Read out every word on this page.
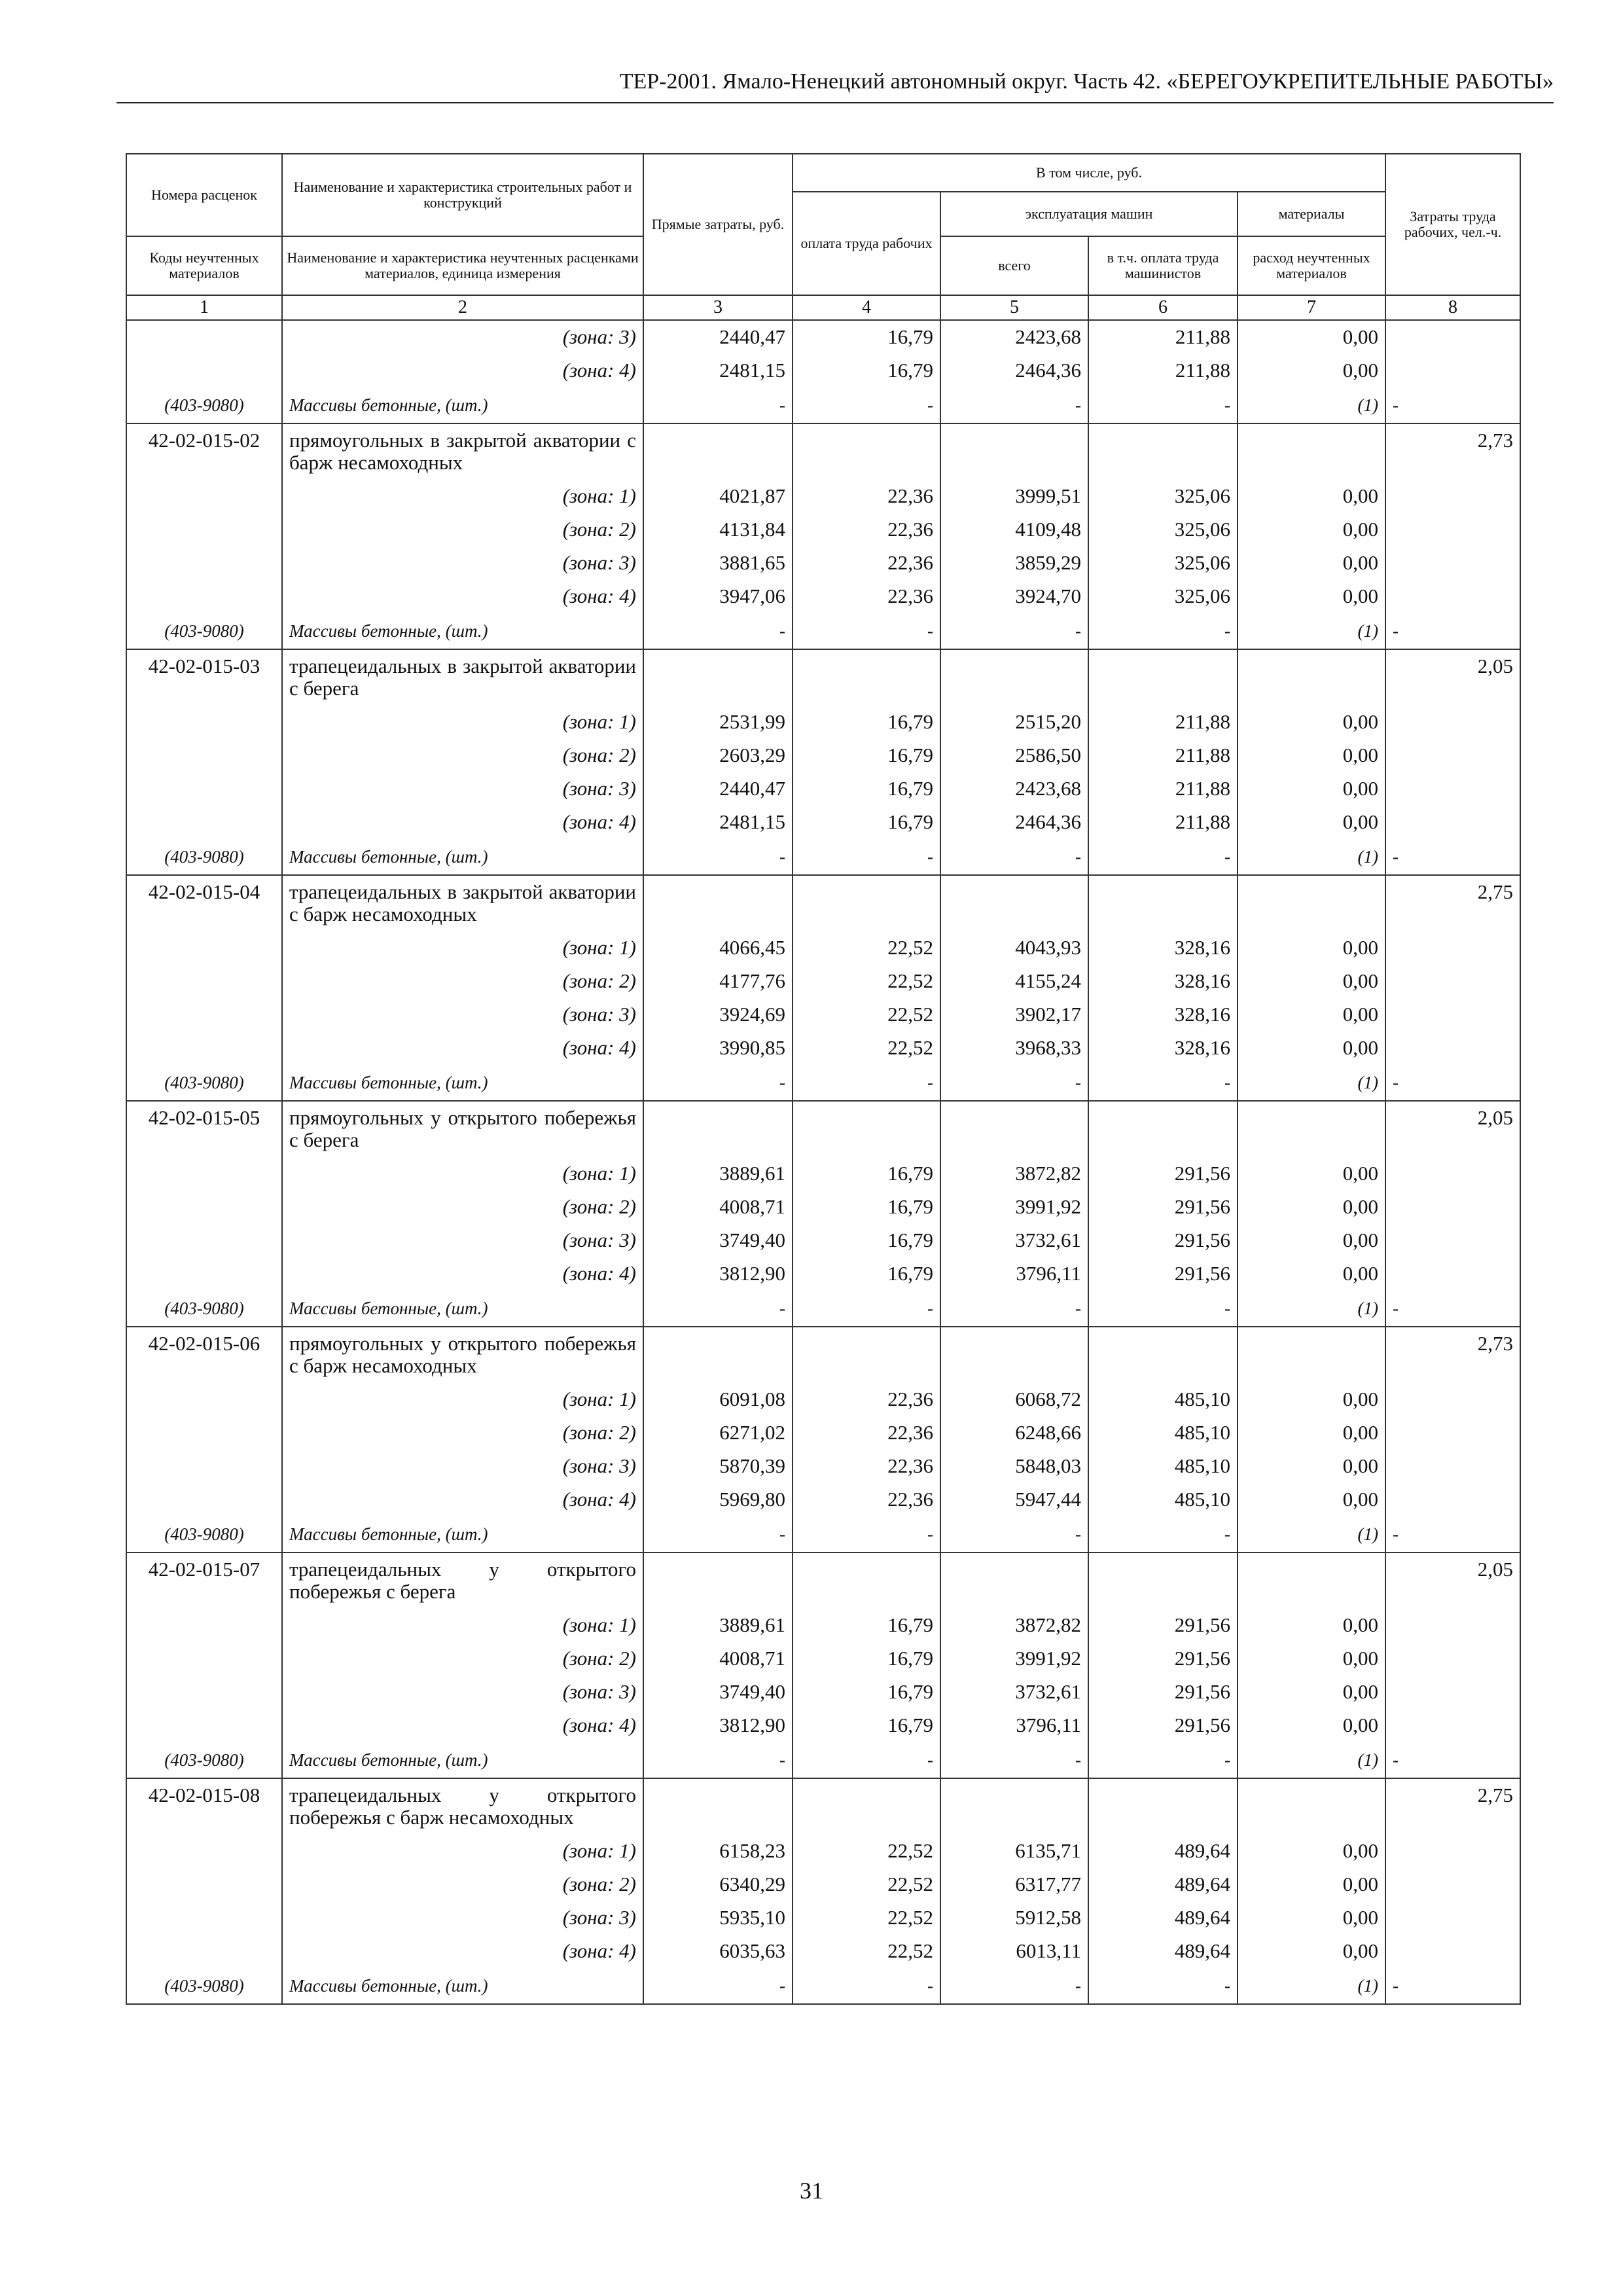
ТЕР-2001. Ямало-Ненецкий автономный округ. Часть 42. «БЕРЕГОУКРЕПИТЕЛЬНЫЕ РАБОТЫ»
Номера расценок	Наименование и характеристика строительных работ и конструкций	Прямые затраты, руб.	В том числе, руб.				Затраты труда рабочих, чел.-ч.
			оплата труда рабочих	эксплуатация машин		материалы	
Коды неучтенных материалов	Наименование и характеристика неучтенных расценками материалов, единица измерения			всего	в т.ч. оплата труда машинистов	расход неучтенных материалов	
1	2	3	4	5	6	7	8
	(зона: 3)	2440,47	16,79	2423,68	211,88	0,00	
	(зона: 4)	2481,15	16,79	2464,36	211,88	0,00	
(403-9080)	Массивы бетонные, (шт.)	-	-	-	-	(1)	-
42-02-015-02	прямоугольных в закрытой акватории с барж несамоходных						2,73
	(зона: 1)	4021,87	22,36	3999,51	325,06	0,00	
	(зона: 2)	4131,84	22,36	4109,48	325,06	0,00	
	(зона: 3)	3881,65	22,36	3859,29	325,06	0,00	
	(зона: 4)	3947,06	22,36	3924,70	325,06	0,00	
(403-9080)	Массивы бетонные, (шт.)	-	-	-	-	(1)	-
42-02-015-03	трапецеидальных в закрытой акватории с берега						2,05
	(зона: 1)	2531,99	16,79	2515,20	211,88	0,00	
	(зона: 2)	2603,29	16,79	2586,50	211,88	0,00	
	(зона: 3)	2440,47	16,79	2423,68	211,88	0,00	
	(зона: 4)	2481,15	16,79	2464,36	211,88	0,00	
(403-9080)	Массивы бетонные, (шт.)	-	-	-	-	(1)	-
42-02-015-04	трапецеидальных в закрытой акватории с барж несамоходных						2,75
	(зона: 1)	4066,45	22,52	4043,93	328,16	0,00	
	(зона: 2)	4177,76	22,52	4155,24	328,16	0,00	
	(зона: 3)	3924,69	22,52	3902,17	328,16	0,00	
	(зона: 4)	3990,85	22,52	3968,33	328,16	0,00	
(403-9080)	Массивы бетонные, (шт.)	-	-	-	-	(1)	-
42-02-015-05	прямоугольных у открытого побережья с берега						2,05
	(зона: 1)	3889,61	16,79	3872,82	291,56	0,00	
	(зона: 2)	4008,71	16,79	3991,92	291,56	0,00	
	(зона: 3)	3749,40	16,79	3732,61	291,56	0,00	
	(зона: 4)	3812,90	16,79	3796,11	291,56	0,00	
(403-9080)	Массивы бетонные, (шт.)	-	-	-	-	(1)	-
42-02-015-06	прямоугольных у открытого побережья с барж несамоходных						2,73
	(зона: 1)	6091,08	22,36	6068,72	485,10	0,00	
	(зона: 2)	6271,02	22,36	6248,66	485,10	0,00	
	(зона: 3)	5870,39	22,36	5848,03	485,10	0,00	
	(зона: 4)	5969,80	22,36	5947,44	485,10	0,00	
(403-9080)	Массивы бетонные, (шт.)	-	-	-	-	(1)	-
42-02-015-07	трапецеидальных у открытого побережья с берега						2,05
	(зона: 1)	3889,61	16,79	3872,82	291,56	0,00	
	(зона: 2)	4008,71	16,79	3991,92	291,56	0,00	
	(зона: 3)	3749,40	16,79	3732,61	291,56	0,00	
	(зона: 4)	3812,90	16,79	3796,11	291,56	0,00	
(403-9080)	Массивы бетонные, (шт.)	-	-	-	-	(1)	-
42-02-015-08	трапецеидальных у открытого побережья с барж несамоходных						2,75
	(зона: 1)	6158,23	22,52	6135,71	489,64	0,00	
	(зона: 2)	6340,29	22,52	6317,77	489,64	0,00	
	(зона: 3)	5935,10	22,52	5912,58	489,64	0,00	
	(зона: 4)	6035,63	22,52	6013,11	489,64	0,00	
(403-9080)	Массивы бетонные, (шт.)	-	-	-	-	(1)	-
31
